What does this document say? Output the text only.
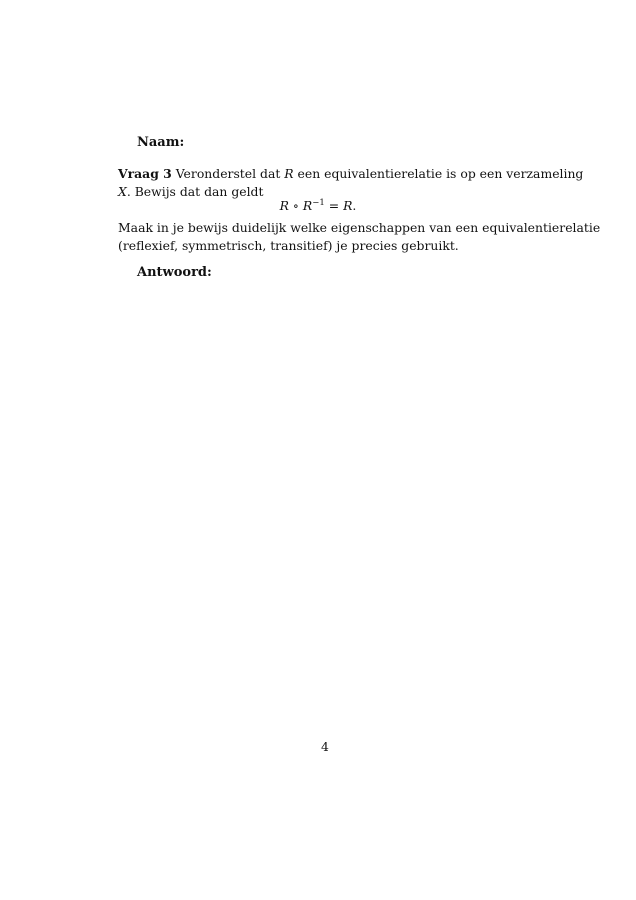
Naam:
Vraag 3 Veronderstel dat R een equivalentierelatie is op een verzameling
X. Bewijs dat dan geldt
R ∘ $R^{-1} = R$.
Maak in je bewijs duidelijk welke eigenschappen van een equivalentierelatie
(reflexief, symmetrisch, transitief) je precies gebruikt.
Antwoord:
4
